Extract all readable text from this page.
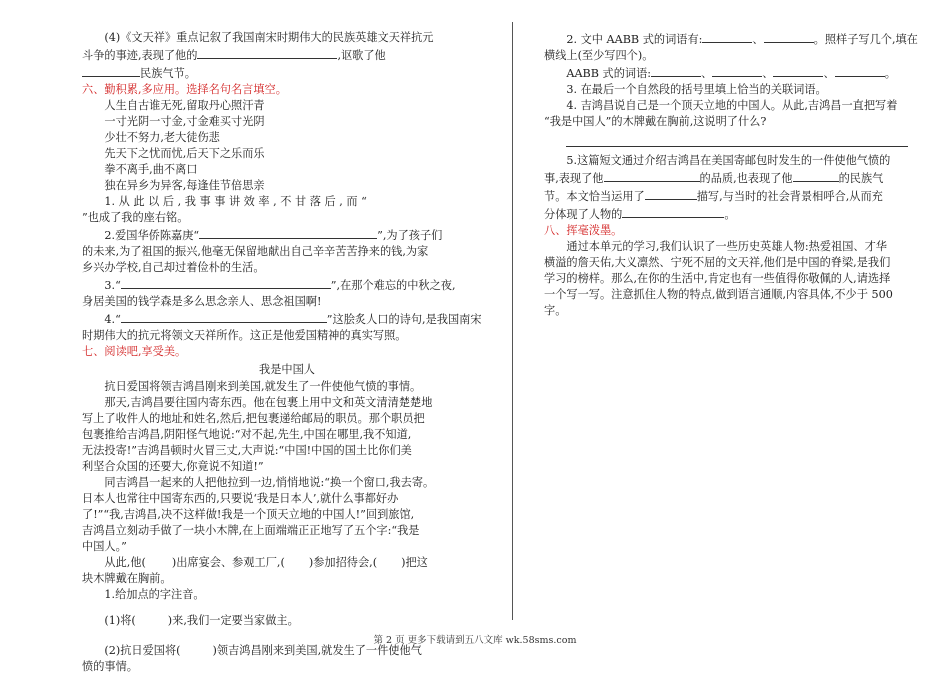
(4)《文天祥》重点记叙了我国南宋时期伟大的民族英雄文天祥抗元

斗争的事迹,表现了他的	,讴歌了他

民族气节。

六、勤积累,多应用。选择名句名言填空。

人生自古谁无死,留取丹心照汗青

一寸光阴一寸金,寸金难买寸光阴

少壮不努力,老大徒伤悲

先天下之忧而忧,后天下之乐而乐

拳不离手,曲不离口

独在异乡为异客,每逢佳节倍思亲

1. 从 此 以 后 , 我 事 事 讲 效 率 , 不 甘 落 后 , 而 “

”也成了我的座右铭。

2.爱国华侨陈嘉庚“	”,为了孩子们

的未来,为了祖国的振兴,他毫无保留地献出自己辛辛苦苦挣来的钱,为家

乡兴办学校,自己却过着俭朴的生活。

3.“	”,在那个难忘的中秋之夜,

身居美国的钱学森是多么思念亲人、思念祖国啊!

4.“	”这脍炙人口的诗句,是我国南宋

时期伟大的抗元将领文天祥所作。这正是他爱国精神的真实写照。

七、阅读吧,享受美。

我是中国人

抗日爱国将领吉鸿昌刚来到美国,就发生了一件使他气愤的事情。

那天,吉鸿昌要往国内寄东西。他在包裹上用中文和英文清清楚楚地

写上了收件人的地址和姓名,然后,把包裹递给邮局的职员。那个职员把

包裹推给吉鸿昌,阴阳怪气地说:“对不起,先生,中国在哪里,我不知道,

无法投寄!”吉鸿昌顿时火冒三丈,大声说:“中国!中国的国土比你们美

利坚合众国的还要大,你竟说不知道!”

同吉鸿昌一起来的人把他拉到一边,悄悄地说:“换一个窗口,我去寄。

日本人也常往中国寄东西的,只要说‘我是日本人’,就什么事都好办

了!”“我,吉鸿昌,决不这样做!我是一个顶天立地的中国人!”回到旅馆,

吉鸿昌立刻动手做了一块小木牌,在上面端端正正地写了五个字:“我是

中国人。”

从此,他( )出席宴会、参观工厂,( )参加招待会,( )把这

块木牌戴在胸前。

1.给加点的字注音。

(1)将(	)来,我们一定要当家做主。

(2)抗日爱国将(	)领吉鸿昌刚来到美国,就发生了一件使他气

愤的事情。

2. 文中 AABB 式的词语有:	、	。照样子写几个,填在

横线上(至少写四个)。

AABB 式的词语:	、	、	、	。

3. 在最后一个自然段的括号里填上恰当的关联词语。

4. 吉鸿昌说自己是一个顶天立地的中国人。从此,吉鸿昌一直把写着

“我是中国人”的木牌戴在胸前,这说明了什么?

5.这篇短文通过介绍吉鸿昌在美国寄邮包时发生的一件使他气愤的

事,表现了他	的品质,也表现了他	的民族气

节。本文恰当运用了	描写,与当时的社会背景相呼合,从而充

分体现了人物的	。

八、挥毫泼墨。

通过本单元的学习,我们认识了一些历史英雄人物:热爱祖国、才华

横溢的詹天佑,大义凛然、宁死不屈的文天祥,他们是中国的脊梁,是我们

学习的榜样。那么,在你的生活中,肯定也有一些值得你敬佩的人,请选择

一个写一写。注意抓住人物的特点,做到语言通顺,内容具体,不少于 500

字。

第 2 页 更多下载请到五八文库 wk.58sms.com
